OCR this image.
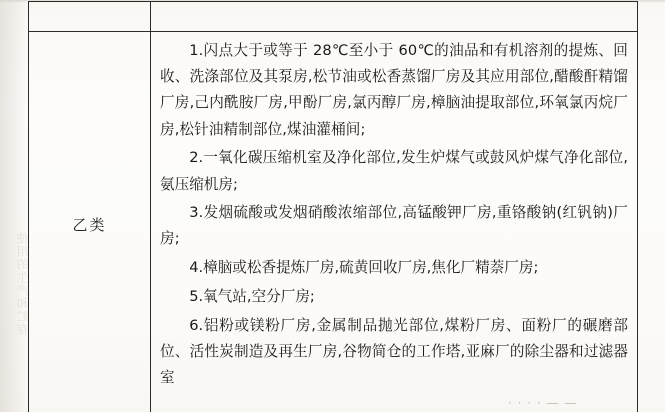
使用的生产和贮存
乙类

1.闪点大于或等于 28℃至小于 60℃的油品和有机溶剂的提炼、回收、洗涤部位及其泵房,松节油或松香蒸馏厂房及其应用部位,醋酸酐精馏厂房,己内酰胺厂房,甲酚厂房,氯丙醇厂房,樟脑油提取部位,环氧氯丙烷厂房,松针油精制部位,煤油灌桶间;

2.一氧化碳压缩机室及净化部位,发生炉煤气或鼓风炉煤气净化部位,氨压缩机房;

3.发烟硫酸或发烟硝酸浓缩部位,高锰酸钾厂房,重铬酸钠(红钒钠)厂房;

4.樟脑或松香提炼厂房,硫黄回收厂房,焦化厂精萘厂房;

5.氧气站,空分厂房;

6.铝粉或镁粉厂房,金属制品抛光部位,煤粉厂房、面粉厂的碾磨部位、活性炭制造及再生厂房,谷物简仓的工作塔,亚麻厂的除尘器和过滤器室

· · · · — —
